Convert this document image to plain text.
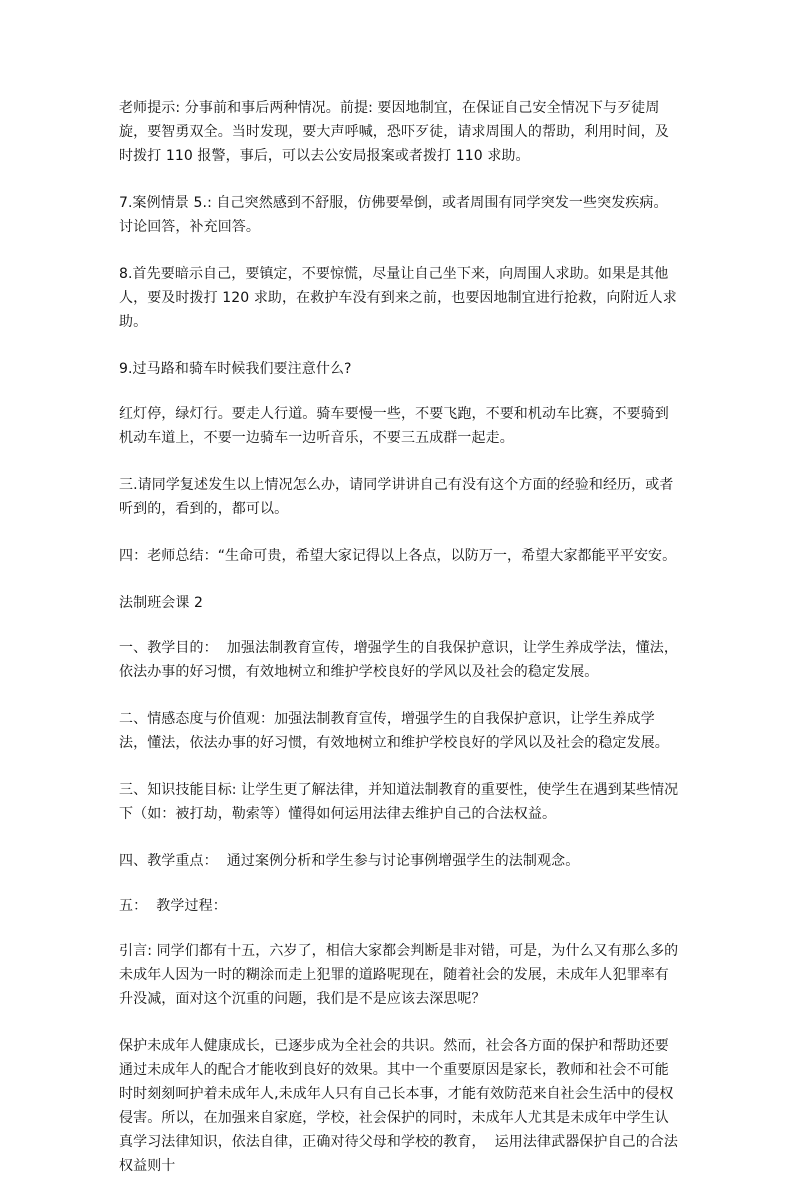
老师提示: 分事前和事后两种情况。前提: 要因地制宜，在保证自己安全情况下与歹徒周旋，要智勇双全。当时发现，要大声呼喊，恐吓歹徒，请求周围人的帮助，利用时间，及时拨打 110 报警，事后，可以去公安局报案或者拨打 110 求助。

7.案例情景 5.: 自己突然感到不舒服，仿佛要晕倒，或者周围有同学突发一些突发疾病。讨论回答，补充回答。

8.首先要暗示自己，要镇定，不要惊慌，尽量让自己坐下来，向周围人求助。如果是其他人，要及时拨打 120 求助，在救护车没有到来之前，也要因地制宜进行抢救，向附近人求助。

9.过马路和骑车时候我们要注意什么?

红灯停，绿灯行。要走人行道。骑车要慢一些，不要飞跑，不要和机动车比赛，不要骑到机动车道上，不要一边骑车一边听音乐，不要三五成群一起走。

三.请同学复述发生以上情况怎么办，请同学讲讲自己有没有这个方面的经验和经历，或者听到的，看到的，都可以。

四：老师总结：“生命可贵，希望大家记得以上各点，以防万一，希望大家都能平平安安。

法制班会课 2

一、教学目的：  加强法制教育宣传，增强学生的自我保护意识，让学生养成学法，懂法，依法办事的好习惯，有效地树立和维护学校良好的学风以及社会的稳定发展。

二、情感态度与价值观：加强法制教育宣传，增强学生的自我保护意识，让学生养成学法，懂法，依法办事的好习惯，有效地树立和维护学校良好的学风以及社会的稳定发展。

三、知识技能目标: 让学生更了解法律，并知道法制教育的重要性，使学生在遇到某些情况下（如：被打劫，勒索等）懂得如何运用法律去维护自己的合法权益。

四、教学重点：  通过案例分析和学生参与讨论事例增强学生的法制观念。

五：  教学过程：

引言: 同学们都有十五，六岁了，相信大家都会判断是非对错，可是，为什么又有那么多的未成年人因为一时的糊涂而走上犯罪的道路呢现在，随着社会的发展，未成年人犯罪率有升没减，面对这个沉重的问题，我们是不是应该去深思呢？

保护未成年人健康成长，已逐步成为全社会的共识。然而，社会各方面的保护和帮助还要通过未成年人的配合才能收到良好的效果。其中一个重要原因是家长，教师和社会不可能时时刻刻呵护着未成年人,未成年人只有自己长本事，才能有效防范来自社会生活中的侵权侵害。所以，在加强来自家庭，学校，社会保护的同时，未成年人尤其是未成年中学生认真学习法律知识，依法自律，正确对待父母和学校的教育，  运用法律武器保护自己的合法权益则十
